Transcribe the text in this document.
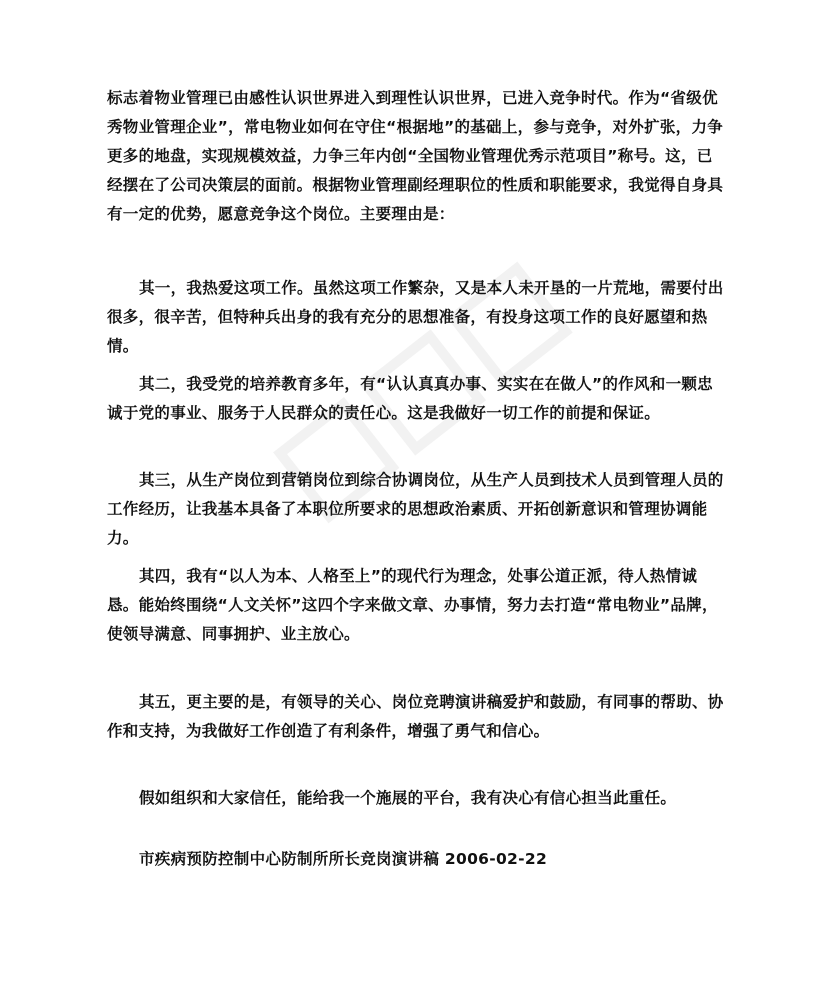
标志着物业管理已由感性认识世界进入到理性认识世界，已进入竞争时代。作为“省级优秀物业管理企业”，常电物业如何在守住“根据地”的基础上，参与竞争，对外扩张，力争更多的地盘，实现规模效益，力争三年内创“全国物业管理优秀示范项目”称号。这，已经摆在了公司决策层的面前。根据物业管理副经理职位的性质和职能要求，我觉得自身具有一定的优势，愿意竞争这个岗位。主要理由是：

其一，我热爱这项工作。虽然这项工作繁杂，又是本人未开垦的一片荒地，需要付出很多，很辛苦，但特种兵出身的我有充分的思想准备，有投身这项工作的良好愿望和热情。

其二，我受党的培养教育多年，有“认认真真办事、实实在在做人”的作风和一颗忠诚于党的事业、服务于人民群众的责任心。这是我做好一切工作的前提和保证。

其三，从生产岗位到营销岗位到综合协调岗位，从生产人员到技术人员到管理人员的工作经历，让我基本具备了本职位所要求的思想政治素质、开拓创新意识和管理协调能力。

其四，我有“以人为本、人格至上”的现代行为理念，处事公道正派，待人热情诚恳。能始终围绕“人文关怀”这四个字来做文章、办事情，努力去打造“常电物业”品牌，使领导满意、同事拥护、业主放心。

其五，更主要的是，有领导的关心、岗位竞聘演讲稿爱护和鼓励，有同事的帮助、协作和支持，为我做好工作创造了有利条件，增强了勇气和信心。

假如组织和大家信任，能给我一个施展的平台，我有决心有信心担当此重任。

市疾病预防控制中心防制所所长竞岗演讲稿 2006-02-22
